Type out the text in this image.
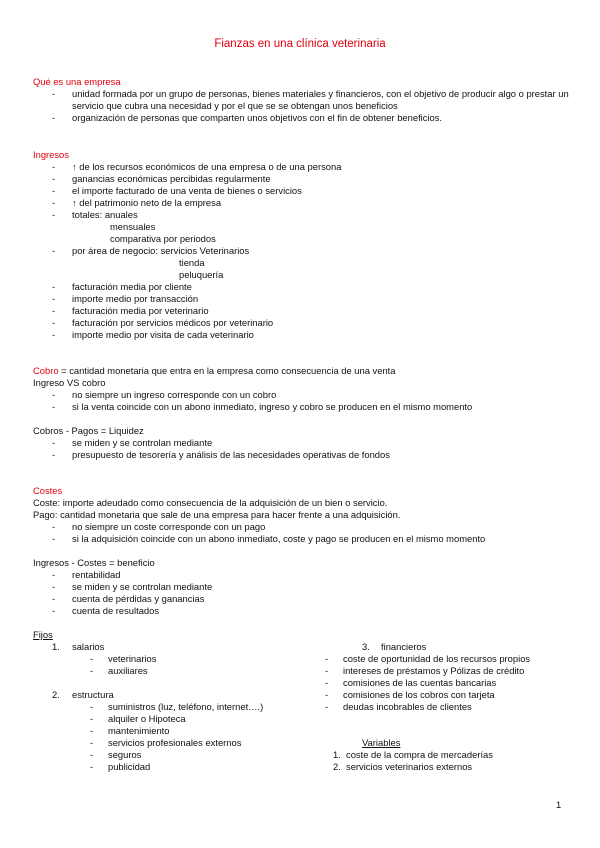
Fianzas en una clínica veterinaria
Qué es una empresa
- unidad formada por un grupo de personas, bienes materiales y financieros, con el objetivo de producir algo o prestar un
servicio que cubra una necesidad y por el que se se obtengan unos beneficios
- organización de personas que comparten unos objetivos con el fin de obtener beneficios.
Ingresos
- ↑ de los recursos económicos de una empresa o de una persona
- ganancias económicas percibidas regularmente
- el importe facturado de una venta de bienes o servicios
- ↑ del patrimonio neto de la empresa
- totales: anuales
mensuales
comparativa por periodos
- por área de negocio: servicios Veterinarios
tienda
peluquería
- facturación media por cliente
- importe medio por transacción
- facturación media por veterinario
- facturación por servicios médicos por veterinario
- importe medio por visita de cada veterinario
Cobro = cantidad monetaria que entra en la empresa como consecuencia de una venta
Ingreso VS cobro
- no siempre un ingreso corresponde con un cobro
- si la venta coincide con un abono inmediato, ingreso y cobro se producen en el mismo momento
Cobros - Pagos = Liquidez
- se miden y se controlan mediante
- presupuesto de tesorería y análisis de las necesidades operativas de fondos
Costes
Coste: importe adeudado como consecuencia de la adquisición de un bien o servicio.
Pago: cantidad monetaria que sale de una empresa para hacer frente a una adquisición.
- no siempre un coste corresponde con un pago
- si la adquisición coincide con un abono inmediato, coste y pago se producen en el mismo momento
Ingresos - Costes = beneficio
- rentabilidad
- se miden y se controlan mediante
- cuenta de pérdidas y ganancias
- cuenta de resultados
Fijos
1. salarios
- veterinarios
- auxiliares
2. estructura
- suministros (luz, teléfono, internet….)
- alquiler o Hipoteca
- mantenimiento
- servicios profesionales externos
- seguros
- publicidad
3. financieros
- coste de oportunidad de los recursos propios
- intereses de préstamos y Pólizas de crédito
- comisiones de las cuentas bancarias
- comisiones de los cobros con tarjeta
- deudas incobrables de clientes
Variables
1. coste de la compra de mercaderías
2. servicios veterinarios externos
1
